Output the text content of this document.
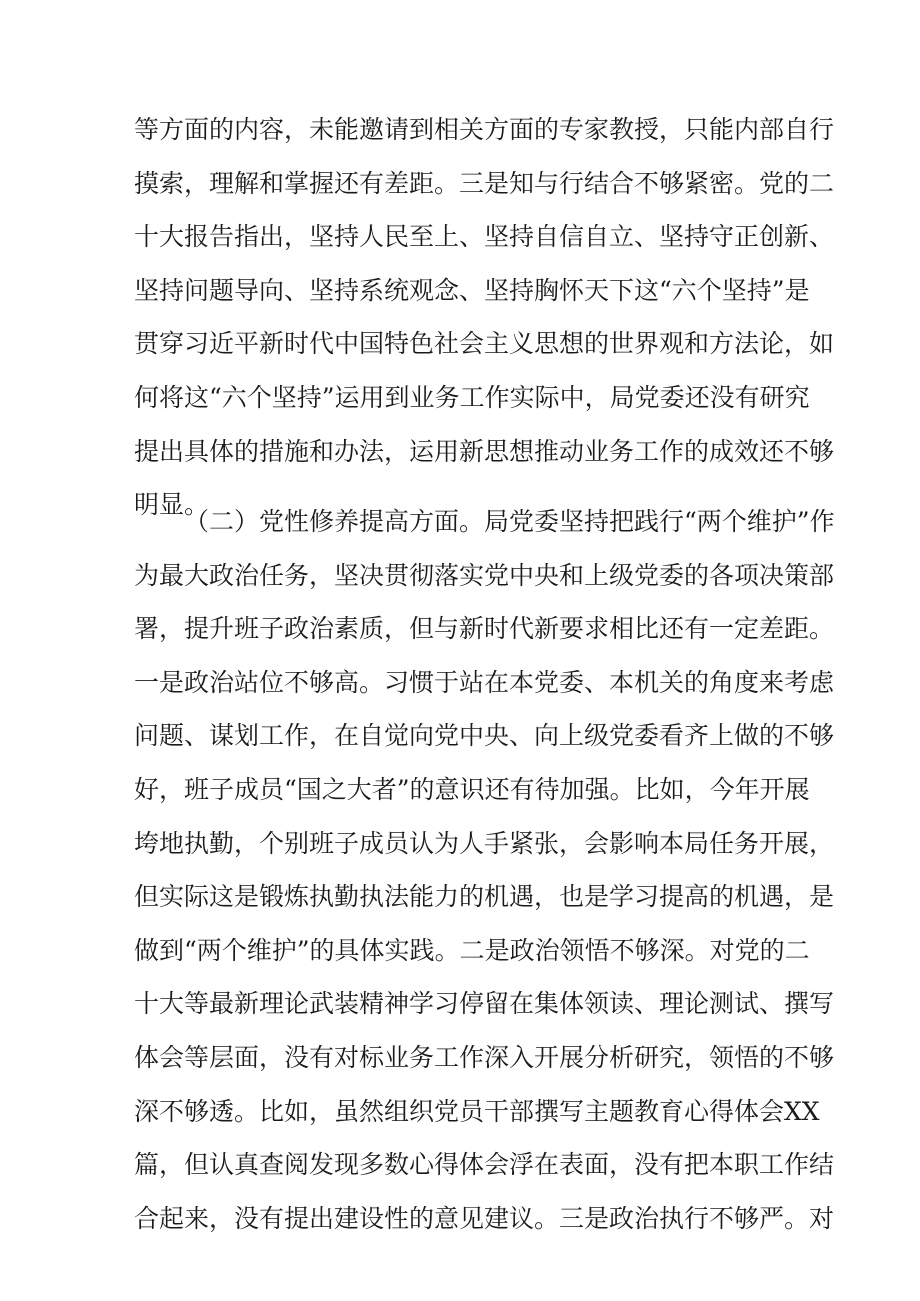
等方面的内容，未能邀请到相关方面的专家教授，只能内部自行
摸索，理解和掌握还有差距。三是知与行结合不够紧密。党的二
十大报告指出，坚持人民至上、坚持自信自立、坚持守正创新、
坚持问题导向、坚持系统观念、坚持胸怀天下这“六个坚持”是
贯穿习近平新时代中国特色社会主义思想的世界观和方法论，如
何将这“六个坚持”运用到业务工作实际中，局党委还没有研究
提出具体的措施和办法，运用新思想推动业务工作的成效还不够
明显。
（二）党性修养提高方面。局党委坚持把践行“两个维护”作
为最大政治任务，坚决贯彻落实党中央和上级党委的各项决策部
署，提升班子政治素质，但与新时代新要求相比还有一定差距。
一是政治站位不够高。习惯于站在本党委、本机关的角度来考虑
问题、谋划工作，在自觉向党中央、向上级党委看齐上做的不够
好，班子成员“国之大者”的意识还有待加强。比如，今年开展
垮地执勤，个别班子成员认为人手紧张，会影响本局任务开展，
但实际这是锻炼执勤执法能力的机遇，也是学习提高的机遇，是
做到“两个维护”的具体实践。二是政治领悟不够深。对党的二
十大等最新理论武装精神学习停留在集体领读、理论测试、撰写
体会等层面，没有对标业务工作深入开展分析研究，领悟的不够
深不够透。比如，虽然组织党员干部撰写主题教育心得体会XX
篇，但认真查阅发现多数心得体会浮在表面，没有把本职工作结
合起来，没有提出建设性的意见建议。三是政治执行不够严。对
